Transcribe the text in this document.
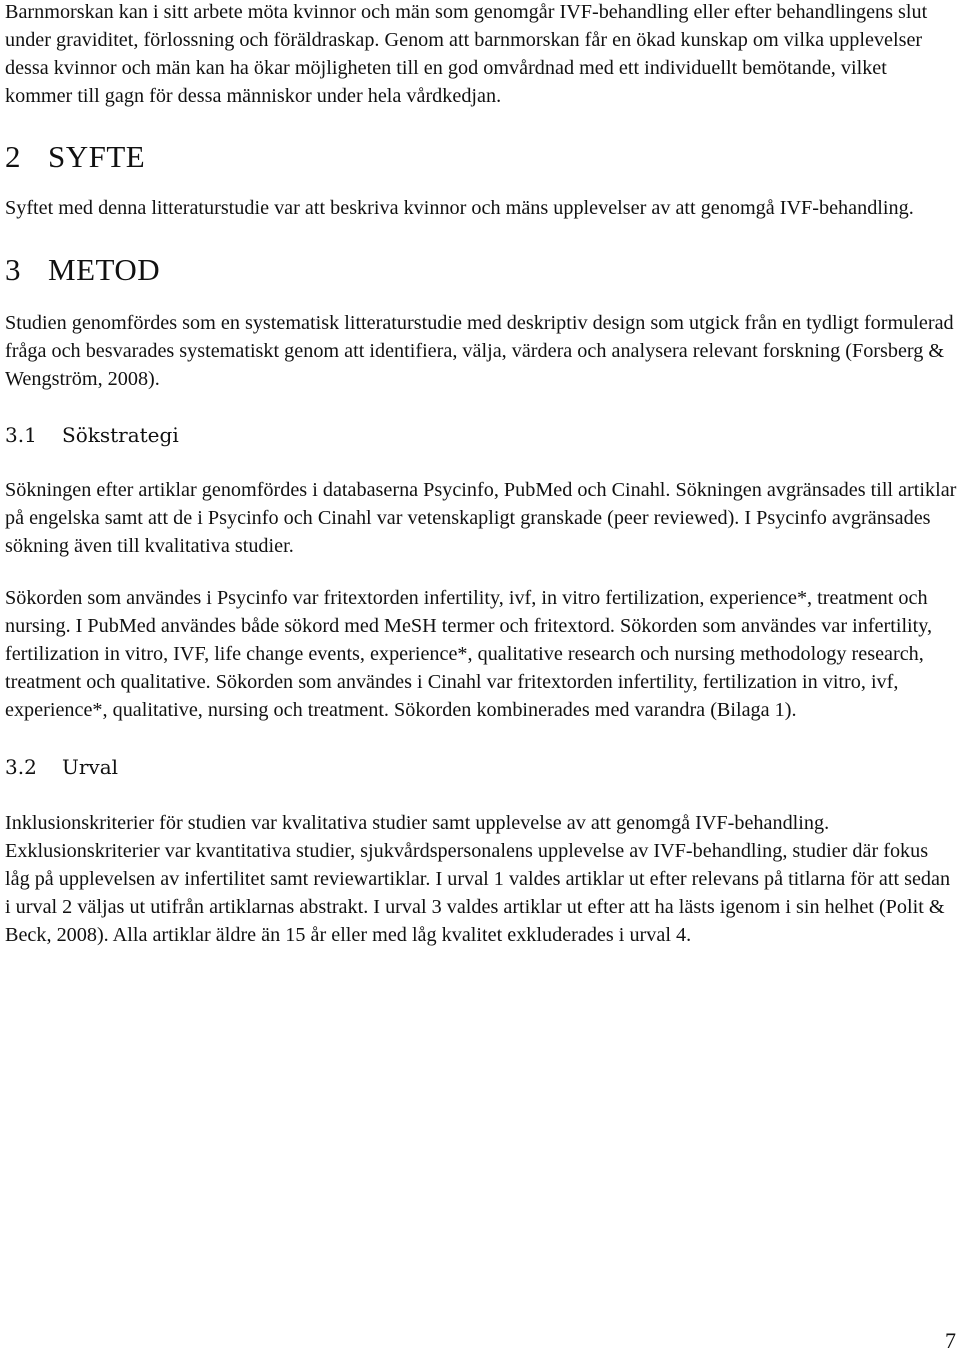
Barnmorskan kan i sitt arbete möta kvinnor och män som genomgår IVF-behandling eller efter behandlingens slut under graviditet, förlossning och föräldraskap. Genom att barnmorskan får en ökad kunskap om vilka upplevelser dessa kvinnor och män kan ha ökar möjligheten till en god omvårdnad med ett individuellt bemötande, vilket kommer till gagn för dessa människor under hela vårdkedjan.

2 SYFTE

Syftet med denna litteraturstudie var att beskriva kvinnor och mäns upplevelser av att genomgå IVF-behandling.

3 METOD

Studien genomfördes som en systematisk litteraturstudie med deskriptiv design som utgick från en tydligt formulerad fråga och besvarades systematiskt genom att identifiera, välja, värdera och analysera relevant forskning (Forsberg & Wengström, 2008).

3.1 Sökstrategi

Sökningen efter artiklar genomfördes i databaserna Psycinfo, PubMed och Cinahl. Sökningen avgränsades till artiklar på engelska samt att de i Psycinfo och Cinahl var vetenskapligt granskade (peer reviewed). I Psycinfo avgränsades sökning även till kvalitativa studier.

Sökorden som användes i Psycinfo var fritextorden infertility, ivf, in vitro fertilization, experience*, treatment och nursing. I PubMed användes både sökord med MeSH termer och fritextord. Sökorden som användes var infertility, fertilization in vitro, IVF, life change events, experience*, qualitative research och nursing methodology research, treatment och qualitative. Sökorden som användes i Cinahl var fritextorden infertility, fertilization in vitro, ivf, experience*, qualitative, nursing och treatment. Sökorden kombinerades med varandra (Bilaga 1).

3.2 Urval

Inklusionskriterier för studien var kvalitativa studier samt upplevelse av att genomgå IVF-behandling. Exklusionskriterier var kvantitativa studier, sjukvårdspersonalens upplevelse av IVF-behandling, studier där fokus låg på upplevelsen av infertilitet samt reviewartiklar. I urval 1 valdes artiklar ut efter relevans på titlarna för att sedan i urval 2 väljas ut utifrån artiklarnas abstrakt. I urval 3 valdes artiklar ut efter att ha lästs igenom i sin helhet (Polit & Beck, 2008). Alla artiklar äldre än 15 år eller med låg kvalitet exkluderades i urval 4.

7
